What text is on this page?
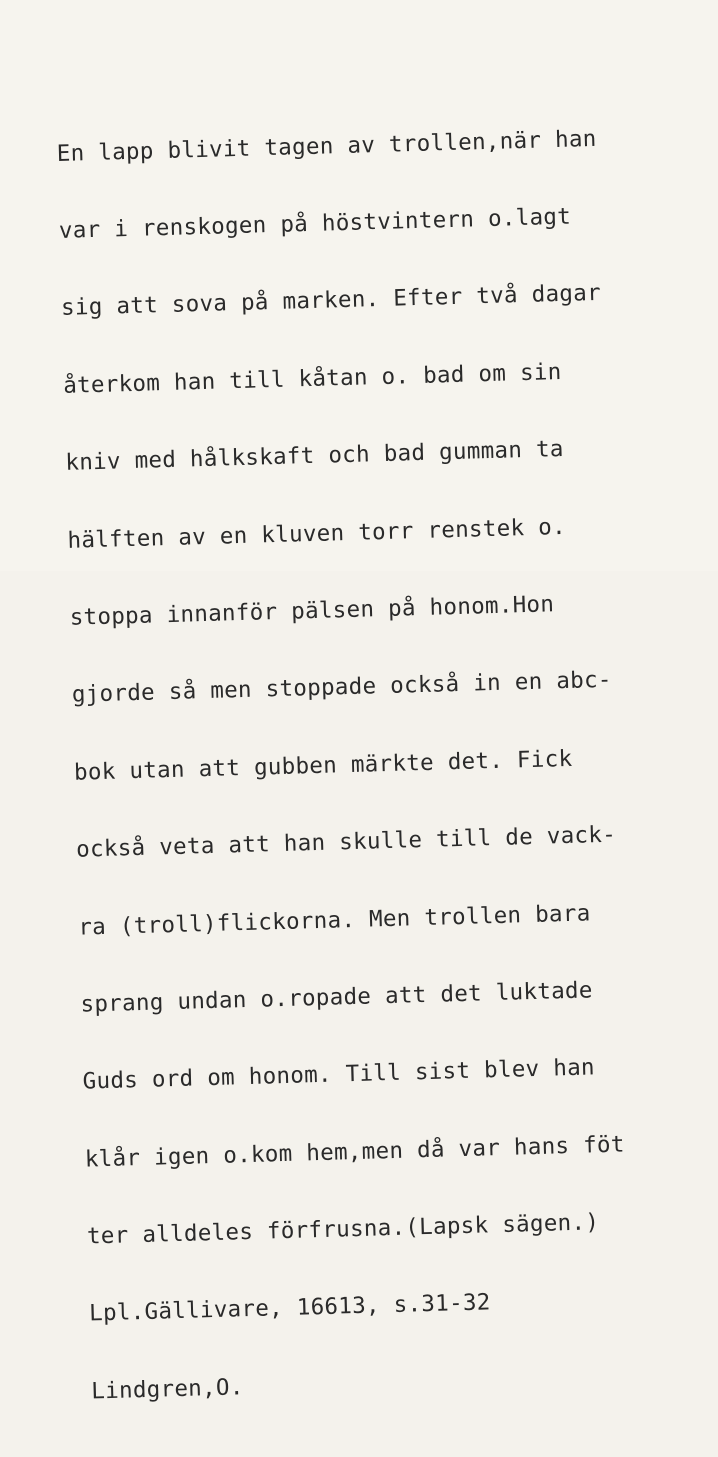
En lapp blivit tagen av trollen,när han

var i renskogen på höstvintern o.lagt

sig att sova på marken. Efter två dagar

återkom han till kåtan o. bad om sin

kniv med hålkskaft och bad gumman ta

hälften av en kluven torr renstek o.

stoppa innanför pälsen på honom.Hon

gjorde så men stoppade också in en abc-

bok utan att gubben märkte det. Fick

också veta att han skulle till de vack-

ra (troll)flickorna. Men trollen bara

sprang undan o.ropade att det luktade

Guds ord om honom. Till sist blev han

klår igen o.kom hem,men då var hans föt

ter alldeles förfrusna.(Lapsk sägen.)

Lpl.Gällivare, 16613, s.31-32

Lindgren,O.
